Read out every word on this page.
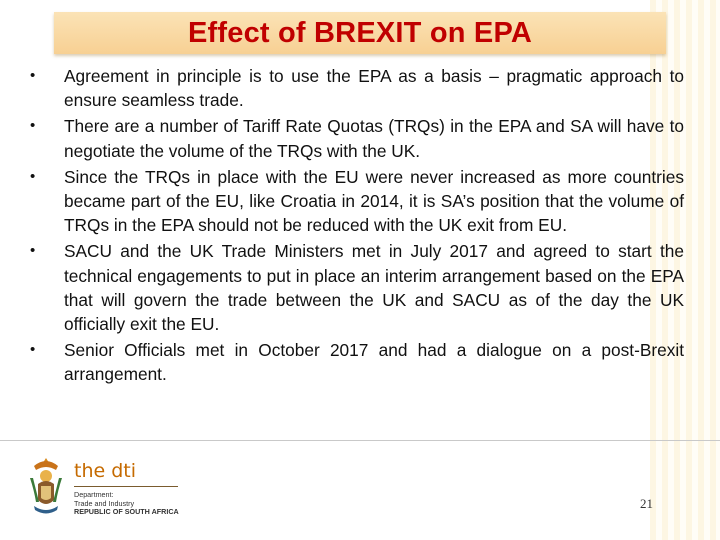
Effect of BREXIT on EPA
• Agreement in principle is to use the EPA as a basis – pragmatic approach to ensure seamless trade.
• There are a number of Tariff Rate Quotas (TRQs) in the EPA and SA will have to negotiate the volume of the TRQs with the UK.
• Since the TRQs in place with the EU were never increased as more countries became part of the EU, like Croatia in 2014, it is SA’s position that the volume of TRQs in the EPA should not be reduced with the UK exit from EU.
• SACU and the UK Trade Ministers met in July 2017 and agreed to start the technical engagements to put in place an interim arrangement based on the EPA that will govern the trade between the UK and SACU as of the day the UK officially exit the EU.
• Senior Officials met in October 2017 and had a dialogue on a post-Brexit arrangement.
the dti
Department:
Trade and Industry
REPUBLIC OF SOUTH AFRICA
21
